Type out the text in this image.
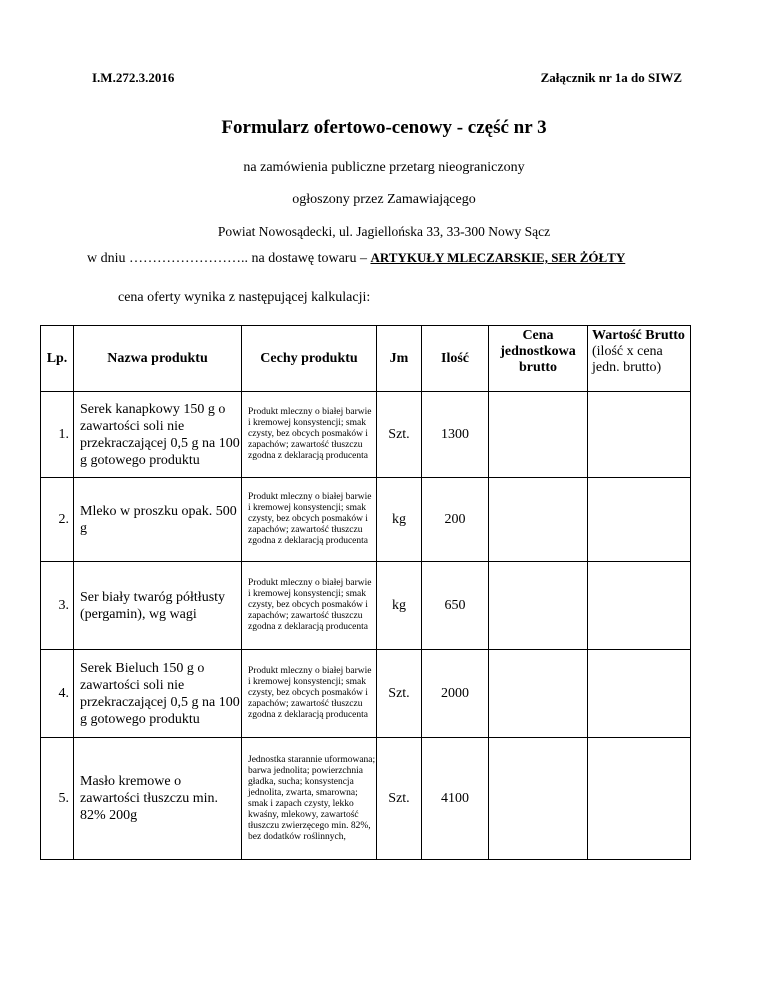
I.M.272.3.2016	Załącznik nr 1a do SIWZ
Formularz ofertowo-cenowy - część nr 3
na zamówienia publiczne przetarg nieograniczony
ogłoszony przez Zamawiającego
Powiat Nowosądecki, ul. Jagiellońska 33, 33-300 Nowy Sącz
w dniu …………………….. na dostawę towaru – ARTYKUŁY MLECZARSKIE, SER ŻÓŁTY
cena oferty wynika z następującej kalkulacji:
Lp.	Nazwa produktu	Cechy produktu	Jm	Ilość	Cena jednostkowa brutto	Wartość Brutto (ilość x cena jedn. brutto)

1.	Serek kanapkowy 150 g o zawartości soli nie przekraczającej 0,5 g na 100 g gotowego produktu	Produkt mleczny o białej barwie i kremowej konsystencji; smak czysty, bez obcych posmaków i zapachów; zawartość tłuszczu zgodna z deklaracją producenta	Szt.	1300		
2.	Mleko w proszku opak. 500 g	Produkt mleczny o białej barwie i kremowej konsystencji; smak czysty, bez obcych posmaków i zapachów; zawartość tłuszczu zgodna z deklaracją producenta	kg	200		
3.	Ser biały twaróg półtłusty (pergamin), wg wagi	Produkt mleczny o białej barwie i kremowej konsystencji; smak czysty, bez obcych posmaków i zapachów; zawartość tłuszczu zgodna z deklaracją producenta	kg	650		
4.	Serek Bieluch 150 g o zawartości soli nie przekraczającej 0,5 g na 100 g gotowego produktu	Produkt mleczny o białej barwie i kremowej konsystencji; smak czysty, bez obcych posmaków i zapachów; zawartość tłuszczu zgodna z deklaracją producenta	Szt.	2000		
5.	Masło kremowe o zawartości tłuszczu min. 82% 200g	Jednostka starannie uformowana; barwa jednolita; powierzchnia gładka, sucha; konsystencja jednolita, zwarta, smarowna; smak i zapach czysty, lekko kwaśny, mlekowy, zawartość tłuszczu zwierzęcego min. 82%, bez dodatków roślinnych,	Szt.	4100		
